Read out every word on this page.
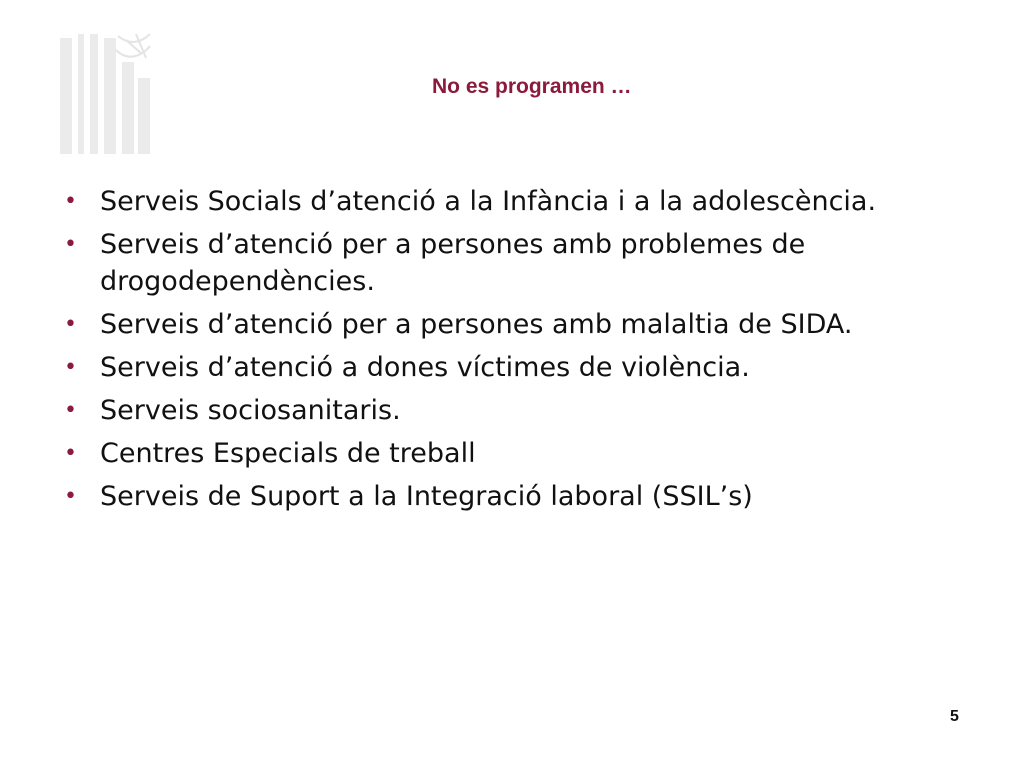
No es programen …
• Serveis Socials d’atenció a la Infància i a la adolescència.
• Serveis d’atenció per a persones amb problemes de drogodependències.
• Serveis d’atenció per a persones amb malaltia de SIDA.
• Serveis d’atenció a dones víctimes de violència.
• Serveis sociosanitaris.
• Centres Especials de treball
• Serveis de Suport a la Integració laboral (SSIL’s)
5
